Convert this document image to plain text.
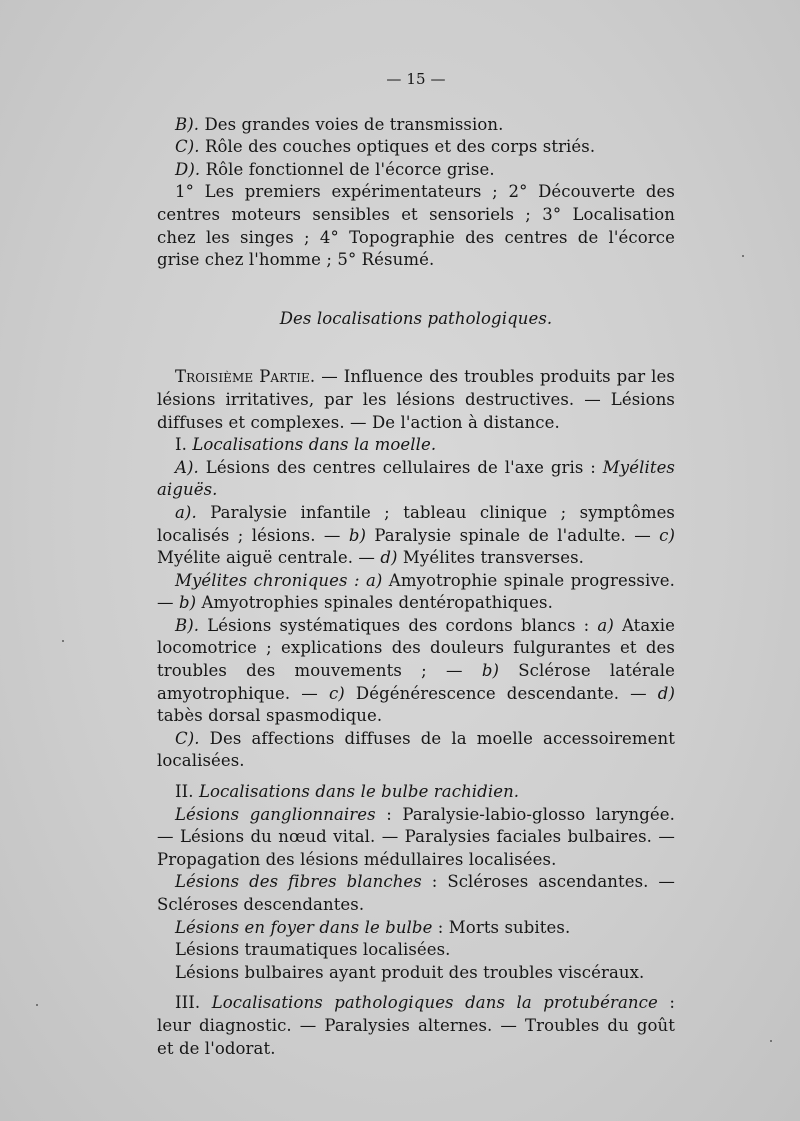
— 15 —

B). Des grandes voies de transmission.

C). Rôle des couches optiques et des corps striés.

D). Rôle fonctionnel de l'écorce grise.

1° Les premiers expérimentateurs ; 2° Découverte des centres moteurs sensibles et sensoriels ; 3° Localisation chez les singes ; 4° Topographie des centres de l'écorce grise chez l'homme ; 5° Résumé.

Des localisations pathologiques.

Troisième Partie. — Influence des troubles produits par les lésions irritatives, par les lésions destructives. — Lésions diffuses et complexes. — De l'action à distance.

I. Localisations dans la moelle.

A). Lésions des centres cellulaires de l'axe gris : Myélites aiguës.

a). Paralysie infantile ; tableau clinique ; symptômes localisés ; lésions. — b) Paralysie spinale de l'adulte. — c) Myélite aiguë centrale. — d) Myélites transverses.

Myélites chroniques : a) Amyotrophie spinale progressive. — b) Amyotrophies spinales dentéropathiques.

B). Lésions systématiques des cordons blancs : a) Ataxie locomotrice ; explications des douleurs fulgurantes et des troubles des mouvements ; — b) Sclérose latérale amyotrophique. — c) Dégénérescence descendante. — d) tabès dorsal spasmodique.

C). Des affections diffuses de la moelle accessoirement localisées.

II. Localisations dans le bulbe rachidien.

Lésions ganglionnaires : Paralysie-labio-glosso laryngée. — Lésions du nœud vital. — Paralysies faciales bulbaires. — Propagation des lésions médullaires localisées.

Lésions des fibres blanches : Scléroses ascendantes. — Scléroses descendantes.

Lésions en foyer dans le bulbe : Morts subites.

Lésions traumatiques localisées.

Lésions bulbaires ayant produit des troubles viscéraux.

III. Localisations pathologiques dans la protubérance : leur diagnostic. — Paralysies alternes. — Troubles du goût et de l'odorat.
